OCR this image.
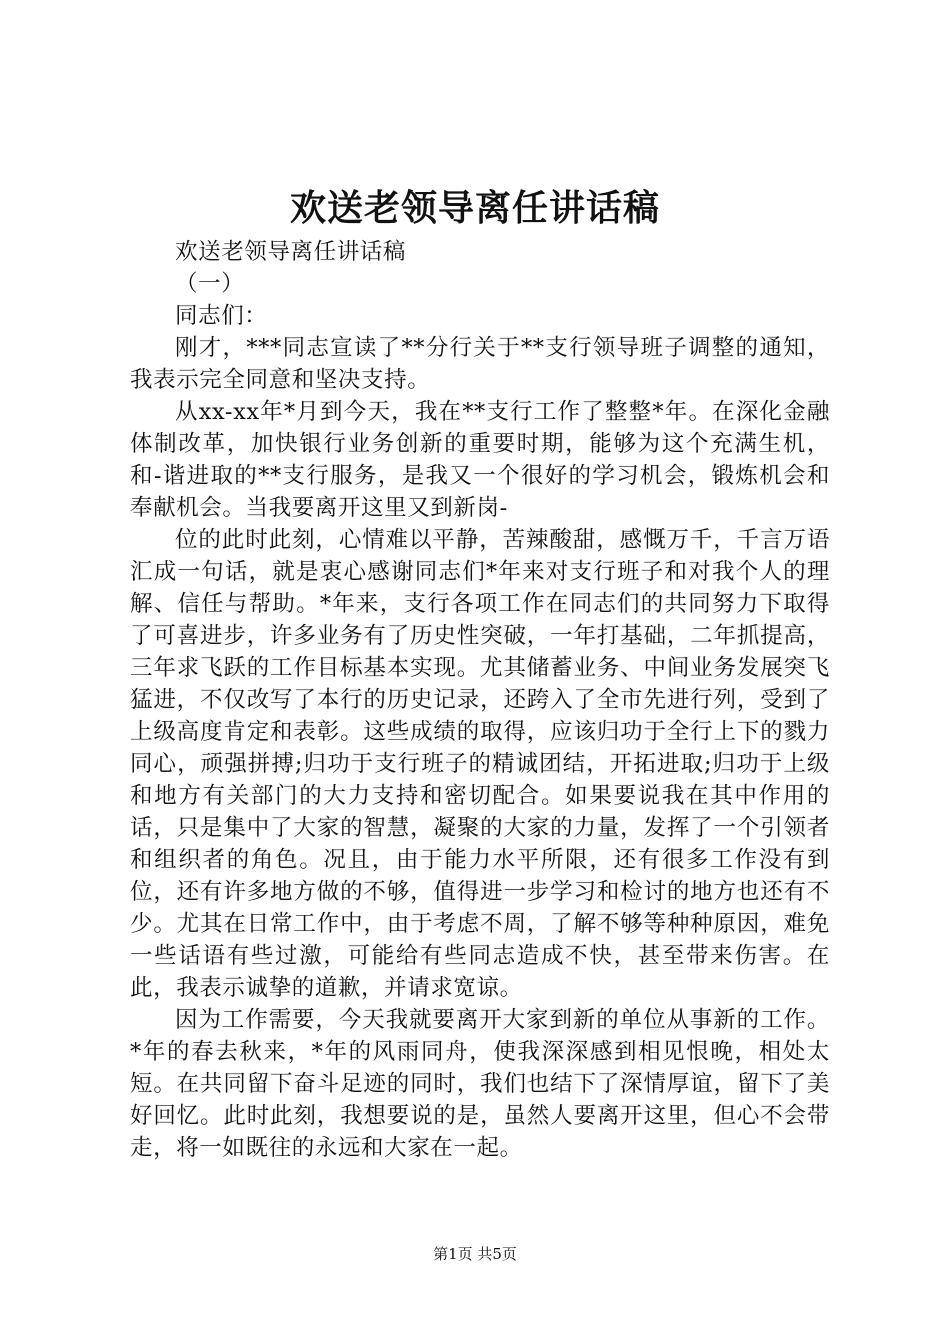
欢送老领导离任讲话稿

欢送老领导离任讲话稿

（一）

同志们：

刚才，***同志宣读了**分行关于**支行领导班子调整的通知，我表示完全同意和坚决支持。

从xx-xx年*月到今天，我在**支行工作了整整*年。在深化金融体制改革，加快银行业务创新的重要时期，能够为这个充满生机，和-谐进取的**支行服务，是我又一个很好的学习机会，锻炼机会和奉献机会。当我要离开这里又到新岗-

位的此时此刻，心情难以平静，苦辣酸甜，感慨万千，千言万语汇成一句话，就是衷心感谢同志们*年来对支行班子和对我个人的理解、信任与帮助。*年来，支行各项工作在同志们的共同努力下取得了可喜进步，许多业务有了历史性突破，一年打基础，二年抓提高，三年求飞跃的工作目标基本实现。尤其储蓄业务、中间业务发展突飞猛进，不仅改写了本行的历史记录，还跨入了全市先进行列，受到了上级高度肯定和表彰。这些成绩的取得，应该归功于全行上下的戮力同心，顽强拼搏;归功于支行班子的精诚团结，开拓进取;归功于上级和地方有关部门的大力支持和密切配合。如果要说我在其中作用的话，只是集中了大家的智慧，凝聚的大家的力量，发挥了一个引领者和组织者的角色。况且，由于能力水平所限，还有很多工作没有到位，还有许多地方做的不够，值得进一步学习和检讨的地方也还有不少。尤其在日常工作中，由于考虑不周，了解不够等种种原因，难免一些话语有些过激，可能给有些同志造成不快，甚至带来伤害。在此，我表示诚挚的道歉，并请求宽谅。

因为工作需要，今天我就要离开大家到新的单位从事新的工作。*年的春去秋来，*年的风雨同舟，使我深深感到相见恨晚，相处太短。在共同留下奋斗足迹的同时，我们也结下了深情厚谊，留下了美好回忆。此时此刻，我想要说的是，虽然人要离开这里，但心不会带走，将一如既往的永远和大家在一起。

第1页 共5页
